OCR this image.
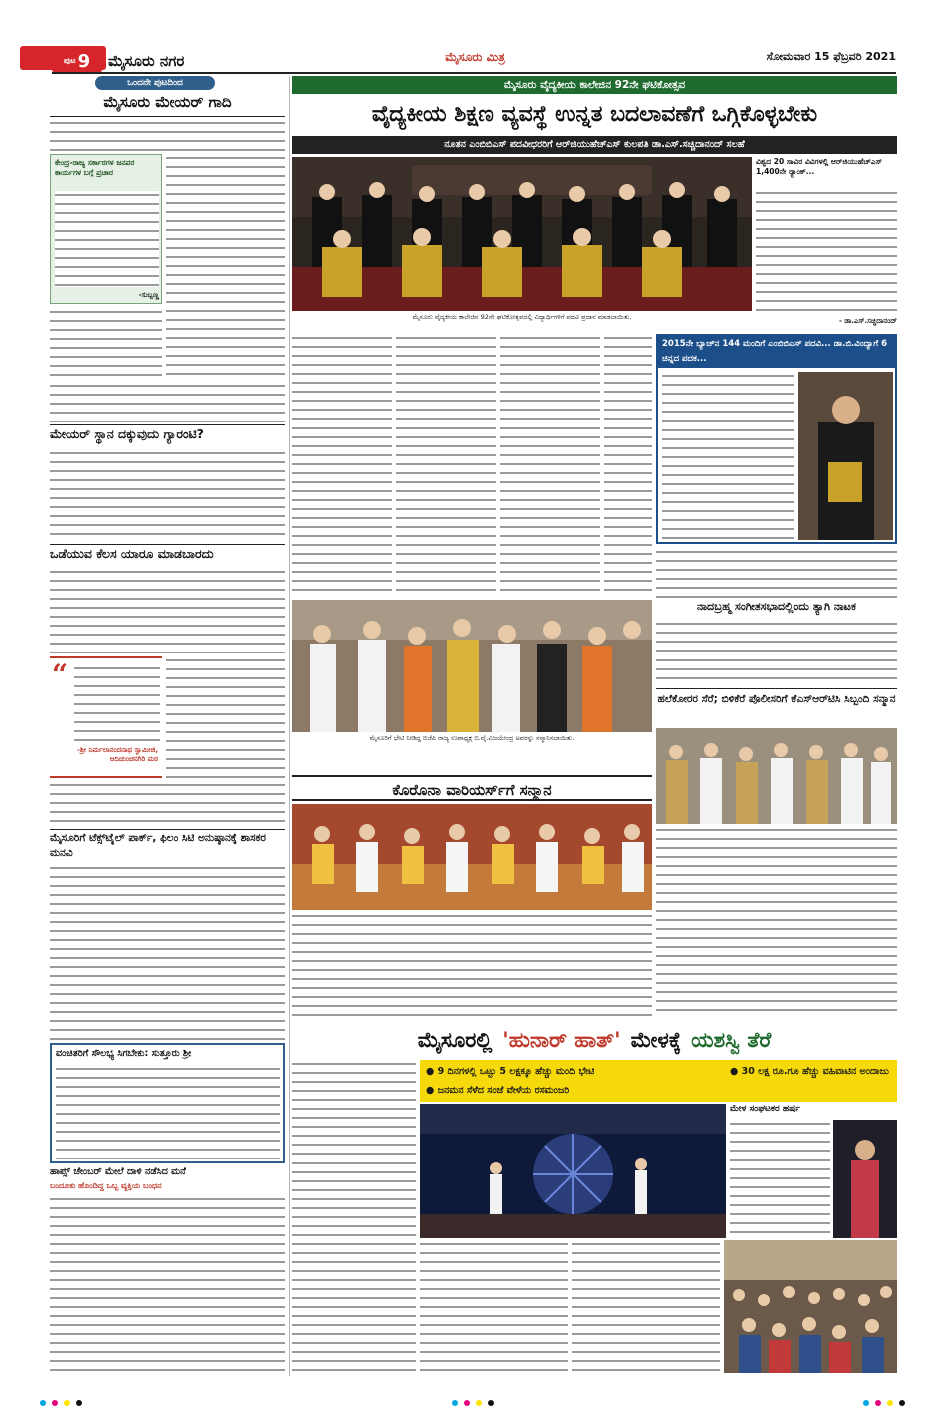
ಪುಟ 9 ಮೈಸೂರು ನಗರ	ಮೈಸೂರು ಮಿತ್ರ	ಸೋಮವಾರ 15 ಫೆಬ್ರವರಿ 2021
ಒಂದನೇ ಪುಟದಿಂದ
ಮೈಸೂರು ಮೇಯರ್ ಗಾದಿ
ಕೇಂದ್ರ-ರಾಜ್ಯ ಸರ್ಕಾರಗಳ ಜನಪರ ಕಾರ್ಯಗಳ ಬಗ್ಗೆ ಪ್ರಚಾರ
-ಸುಬ್ಬಣ್ಣ
ಮೇಯರ್ ಸ್ಥಾನ ದಕ್ಕುವುದು ಗ್ಯಾರಂಟಿ?
ಒಡೆಯುವ ಕೆಲಸ ಯಾರೂ ಮಾಡಬಾರದು
“
-ಶ್ರೀ ನಿರ್ಮಲಾನಂದನಾಥ ಸ್ವಾಮೀಜಿ, ಆದಿಚುಂಚನಗಿರಿ ಮಠ
ಮೈಸೂರಿಗೆ ಟೆಕ್ಸ್‌ಟೈಲ್ ಪಾರ್ಕ್, ಫಿಲಂ ಸಿಟಿ ಅನುಷ್ಠಾನಕ್ಕೆ ಶಾಸಕರ ಮನವಿ
ವಂಚಿತರಿಗೆ ಸೌಲಭ್ಯ ಸಿಗಬೇಕು: ಸುತ್ತೂರು ಶ್ರೀ
ಹಾಪ್ಸ್ ಚೇಂಬರ್ ಮೇಲೆ ದಾಳಿ ನಡೆಸಿದ ಮನೆ
ಬಂದೂಕು ಹೊಂದಿದ್ದ ಒಬ್ಬ ವ್ಯಕ್ತಿಯ ಬಂಧನ
ಮೈಸೂರು ವೈದ್ಯಕೀಯ ಕಾಲೇಜಿನ 92ನೇ ಘಟಿಕೋತ್ಸವ
ವೈದ್ಯಕೀಯ ಶಿಕ್ಷಣ ವ್ಯವಸ್ಥೆ ಉನ್ನತ ಬದಲಾವಣೆಗೆ ಒಗ್ಗಿಕೊಳ್ಳಬೇಕು
ನೂತನ ಎಂಬಿಬಿಎಸ್ ಪದವೀಧರರಿಗೆ ಆರ್‌ಜಿಯುಹೆಚ್‌ಎಸ್ ಕುಲಪತಿ ಡಾ.ಎಸ್.ಸಚ್ಚಿದಾನಂದ್ ಸಲಹೆ
ಮೈಸೂರು ವೈದ್ಯಕೀಯ ಕಾಲೇಜಿನ 92ನೇ ಘಟಿಕೋತ್ಸವದಲ್ಲಿ ವಿದ್ಯಾರ್ಥಿಗಳಿಗೆ ಪದವಿ ಪ್ರದಾನ ಮಾಡಲಾಯಿತು.
ವಿಶ್ವದ 20 ಸಾವಿರ ವಿವಿಗಳಲ್ಲಿ ಆರ್‌ಜಿಯುಹೆಚ್‌ಎಸ್ 1,400ನೇ ರ್‍ಯಾಂಕ್...
- ಡಾ.ಎಸ್.ಸಚ್ಚಿದಾನಂದ್
2015ನೇ ಬ್ಯಾಚ್‌ನ 144 ಮಂದಿಗೆ ಎಂಬಿಬಿಎಸ್ ಪದವಿ... ಡಾ.ಬಿ.ವಿಂದ್ಯಾಗೆ 6 ಚಿನ್ನದ ಪದಕ...
ಮೈಸೂರಿಗೆ ಭೇಟಿ ನೀಡಿದ್ದ ಬಿಜೆಪಿ ರಾಜ್ಯ ಉಪಾಧ್ಯಕ್ಷ ಬಿ.ವೈ.ವಿಜಯೇಂದ್ರ ಅವರನ್ನು ಸನ್ಮಾನಿಸಲಾಯಿತು.
ನಾದಬ್ರಹ್ಮ ಸಂಗೀತಸಭಾದಲ್ಲಿಂದು ತ್ಯಾಗಿ ನಾಟಕ
ಹಲೆಕೋರರ ಸೆರೆ; ಬಿಳಿಕೆರೆ ಪೊಲೀಸರಿಗೆ ಕೆಎಸ್‌ಆರ್‌ಟಿಸಿ ಸಿಬ್ಬಂದಿ ಸನ್ಮಾನ
ಕೊರೊನಾ ವಾರಿಯರ್ಸ್‌ಗೆ ಸನ್ಮಾನ
ಮೈಸೂರಲ್ಲಿ 'ಹುನಾರ್ ಹಾತ್' ಮೇಳಕ್ಕೆ ಯಶಸ್ವಿ ತೆರೆ
● 9 ದಿನಗಳಲ್ಲಿ ಒಟ್ಟು 5 ಲಕ್ಷಕ್ಕೂ ಹೆಚ್ಚು ಮಂದಿ ಭೇಟಿ	● 30 ಲಕ್ಷ ರೂ.ಗೂ ಹೆಚ್ಚು ವಹಿವಾಟಿನ ಅಂದಾಜು
● ಜನಮನ ಸೆಳೆದ ಸಂಜೆ ವೇಳೆಯ ರಸಮಂಜರಿ
ಮೇಳ ಸಂಘಟಕರ ಹರ್ಷ
